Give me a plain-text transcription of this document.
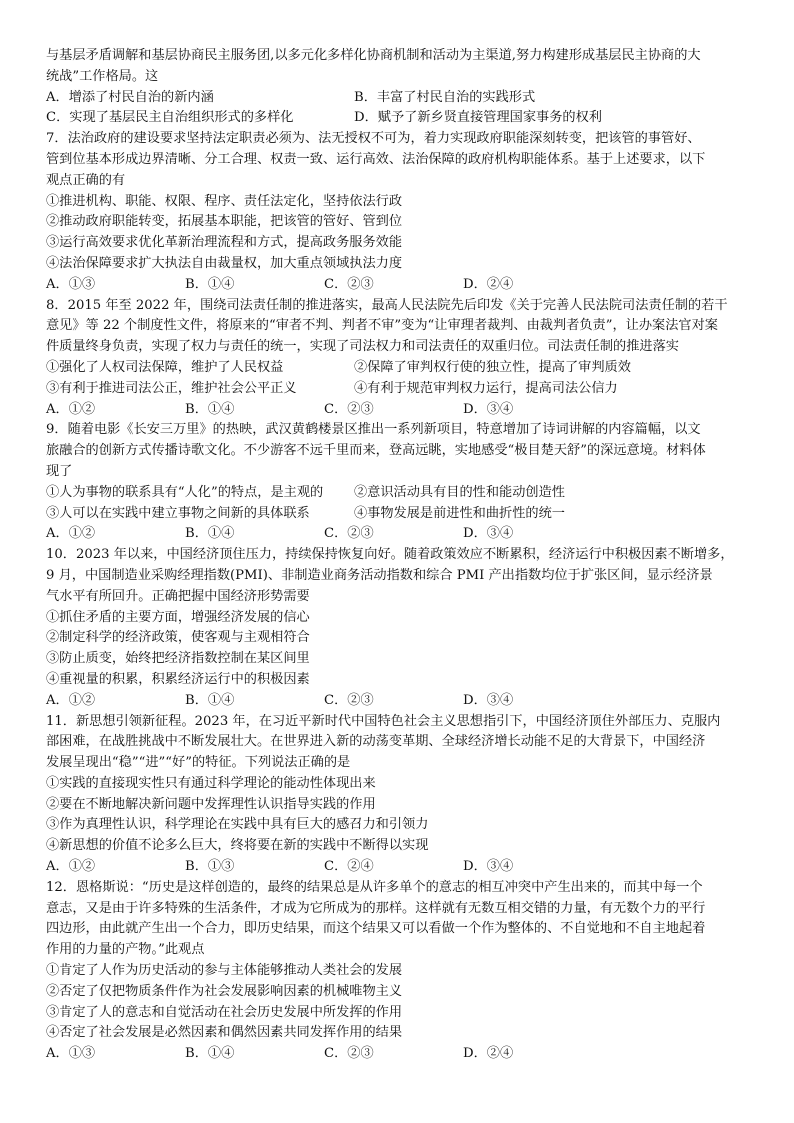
与基层矛盾调解和基层协商民主服务团,以多元化多样化协商机制和活动为主渠道,努力构建形成基层民主协商的大
统战”工作格局。这
A．增添了村民自治的新内涵	B．丰富了村民自治的实践形式
C．实现了基层民主自治组织形式的多样化	D．赋予了新乡贤直接管理国家事务的权利
7．法治政府的建设要求坚持法定职责必须为、法无授权不可为，着力实现政府职能深刻转变，把该管的事管好、
管到位基本形成边界清晰、分工合理、权责一致、运行高效、法治保障的政府机构职能体系。基于上述要求，以下
观点正确的有
①推进机构、职能、权限、程序、责任法定化，坚持依法行政
②推动政府职能转变，拓展基本职能，把该管的管好、管到位
③运行高效要求优化革新治理流程和方式，提高政务服务效能
④法治保障要求扩大执法自由裁量权，加大重点领域执法力度
A．①③	B．①④	C．②③	D．②④
8．2015 年至 2022 年，围绕司法责任制的推进落实，最高人民法院先后印发《关于完善人民法院司法责任制的若干
意见》等 22 个制度性文件，将原来的“审者不判、判者不审”变为“让审理者裁判、由裁判者负责”，让办案法官对案
件质量终身负责，实现了权力与责任的统一，实现了司法权力和司法责任的双重归位。司法责任制的推进落实
①强化了人权司法保障，维护了人民权益	②保障了审判权行使的独立性，提高了审判质效
③有利于推进司法公正，维护社会公平正义	④有利于规范审判权力运行，提高司法公信力
A．①②	B．①④	C．②③	D．③④
9．随着电影《长安三万里》的热映，武汉黄鹤楼景区推出一系列新项目，特意增加了诗词讲解的内容篇幅，以文
旅融合的创新方式传播诗歌文化。不少游客不远千里而来，登高远眺，实地感受“极目楚天舒”的深远意境。材料体
现了
①人为事物的联系具有“人化”的特点，是主观的	②意识活动具有目的性和能动创造性
③人可以在实践中建立事物之间新的具体联系	④事物发展是前进性和曲折性的统一
A．①②	B．①④	C．②③	D．③④
10．2023 年以来，中国经济顶住压力，持续保持恢复向好。随着政策效应不断累积，经济运行中积极因素不断增多，
9 月，中国制造业采购经理指数(PMI)、非制造业商务活动指数和综合 PMI 产出指数均位于扩张区间，显示经济景
气水平有所回升。正确把握中国经济形势需要
①抓住矛盾的主要方面，增强经济发展的信心
②制定科学的经济政策，使客观与主观相符合
③防止质变，始终把经济指数控制在某区间里
④重视量的积累，积累经济运行中的积极因素
A．①②	B．①④	C．②③	D．③④
11．新思想引领新征程。2023 年，在习近平新时代中国特色社会主义思想指引下，中国经济顶住外部压力、克服内
部困难，在战胜挑战中不断发展壮大。在世界进入新的动荡变革期、全球经济增长动能不足的大背景下，中国经济
发展呈现出“稳”“进”“好”的特征。下列说法正确的是
①实践的直接现实性只有通过科学理论的能动性体现出来
②要在不断地解决新问题中发挥理性认识指导实践的作用
③作为真理性认识，科学理论在实践中具有巨大的感召力和引领力
④新思想的价值不论多么巨大，终将要在新的实践中不断得以实现
A．①②	B．①③	C．②④	D．③④
12．恩格斯说：“历史是这样创造的，最终的结果总是从许多单个的意志的相互冲突中产生出来的，而其中每一个
意志，又是由于许多特殊的生活条件，才成为它所成为的那样。这样就有无数互相交错的力量，有无数个力的平行
四边形，由此就产生出一个合力，即历史结果，而这个结果又可以看做一个作为整体的、不自觉地和不自主地起着
作用的力量的产物。”此观点
①肯定了人作为历史活动的参与主体能够推动人类社会的发展
②否定了仅把物质条件作为社会发展影响因素的机械唯物主义
③肯定了人的意志和自觉活动在社会历史发展中所发挥的作用
④否定了社会发展是必然因素和偶然因素共同发挥作用的结果
A．①③	B．①④	C．②③	D．②④
